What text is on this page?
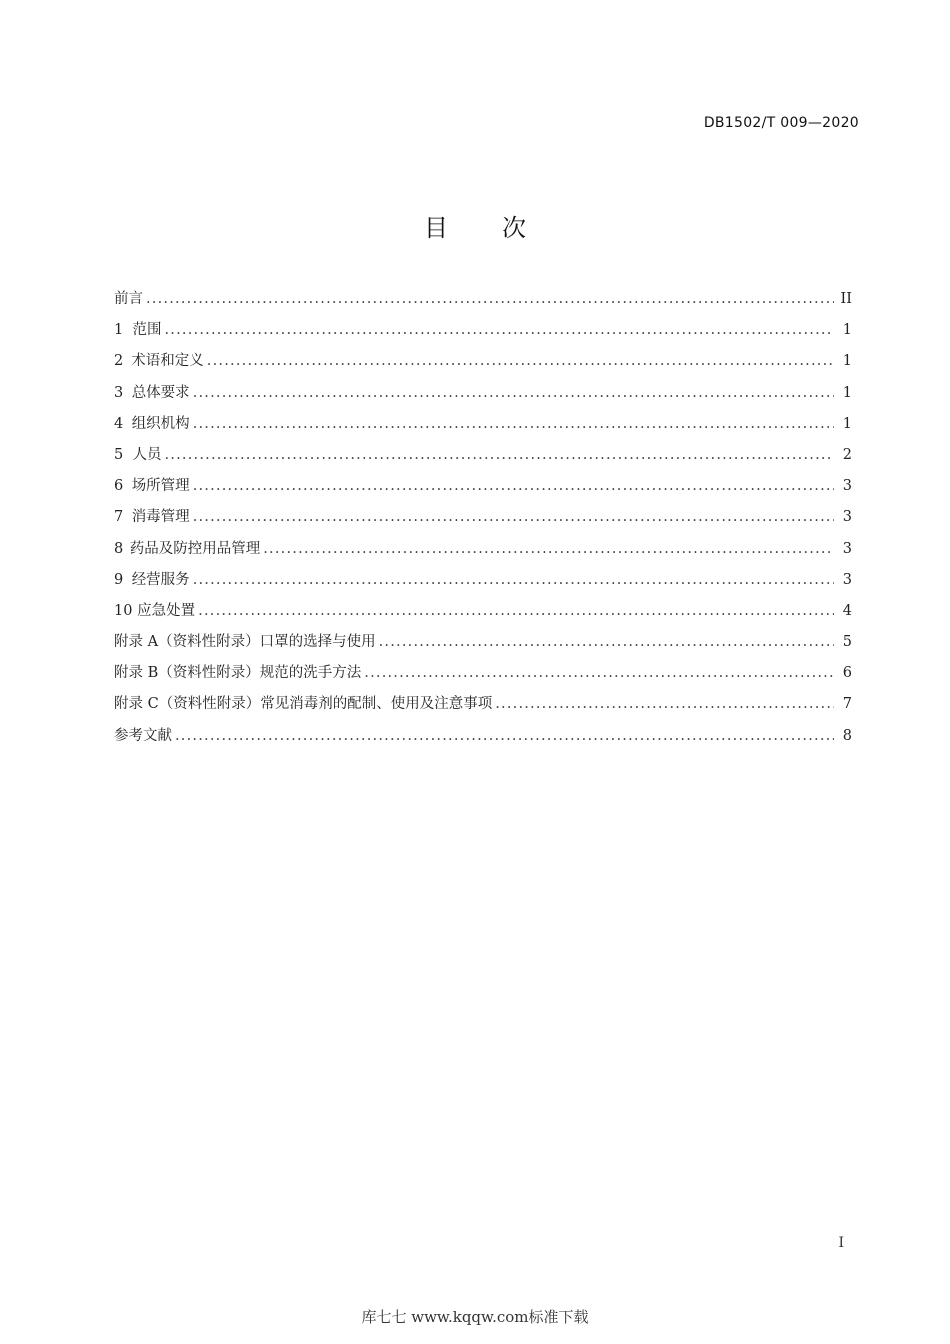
DB1502/T 009—2020
目 次
前言 .....	II
1 范围 .....	1
2 术语和定义 .....	1
3 总体要求 .....	1
4 组织机构 .....	1
5 人员 .....	2
6 场所管理 .....	3
7 消毒管理 .....	3
8 药品及防控用品管理 .....	3
9 经营服务 .....	3
10 应急处置 .....	4
附录 A（资料性附录） 口罩的选择与使用 .....	5
附录 B（资料性附录） 规范的洗手方法 .....	6
附录 C（资料性附录） 常见消毒剂的配制、使用及注意事项 .....	7
参考文献 .....	8
I
库七七 www.kqqw.com标准下载
